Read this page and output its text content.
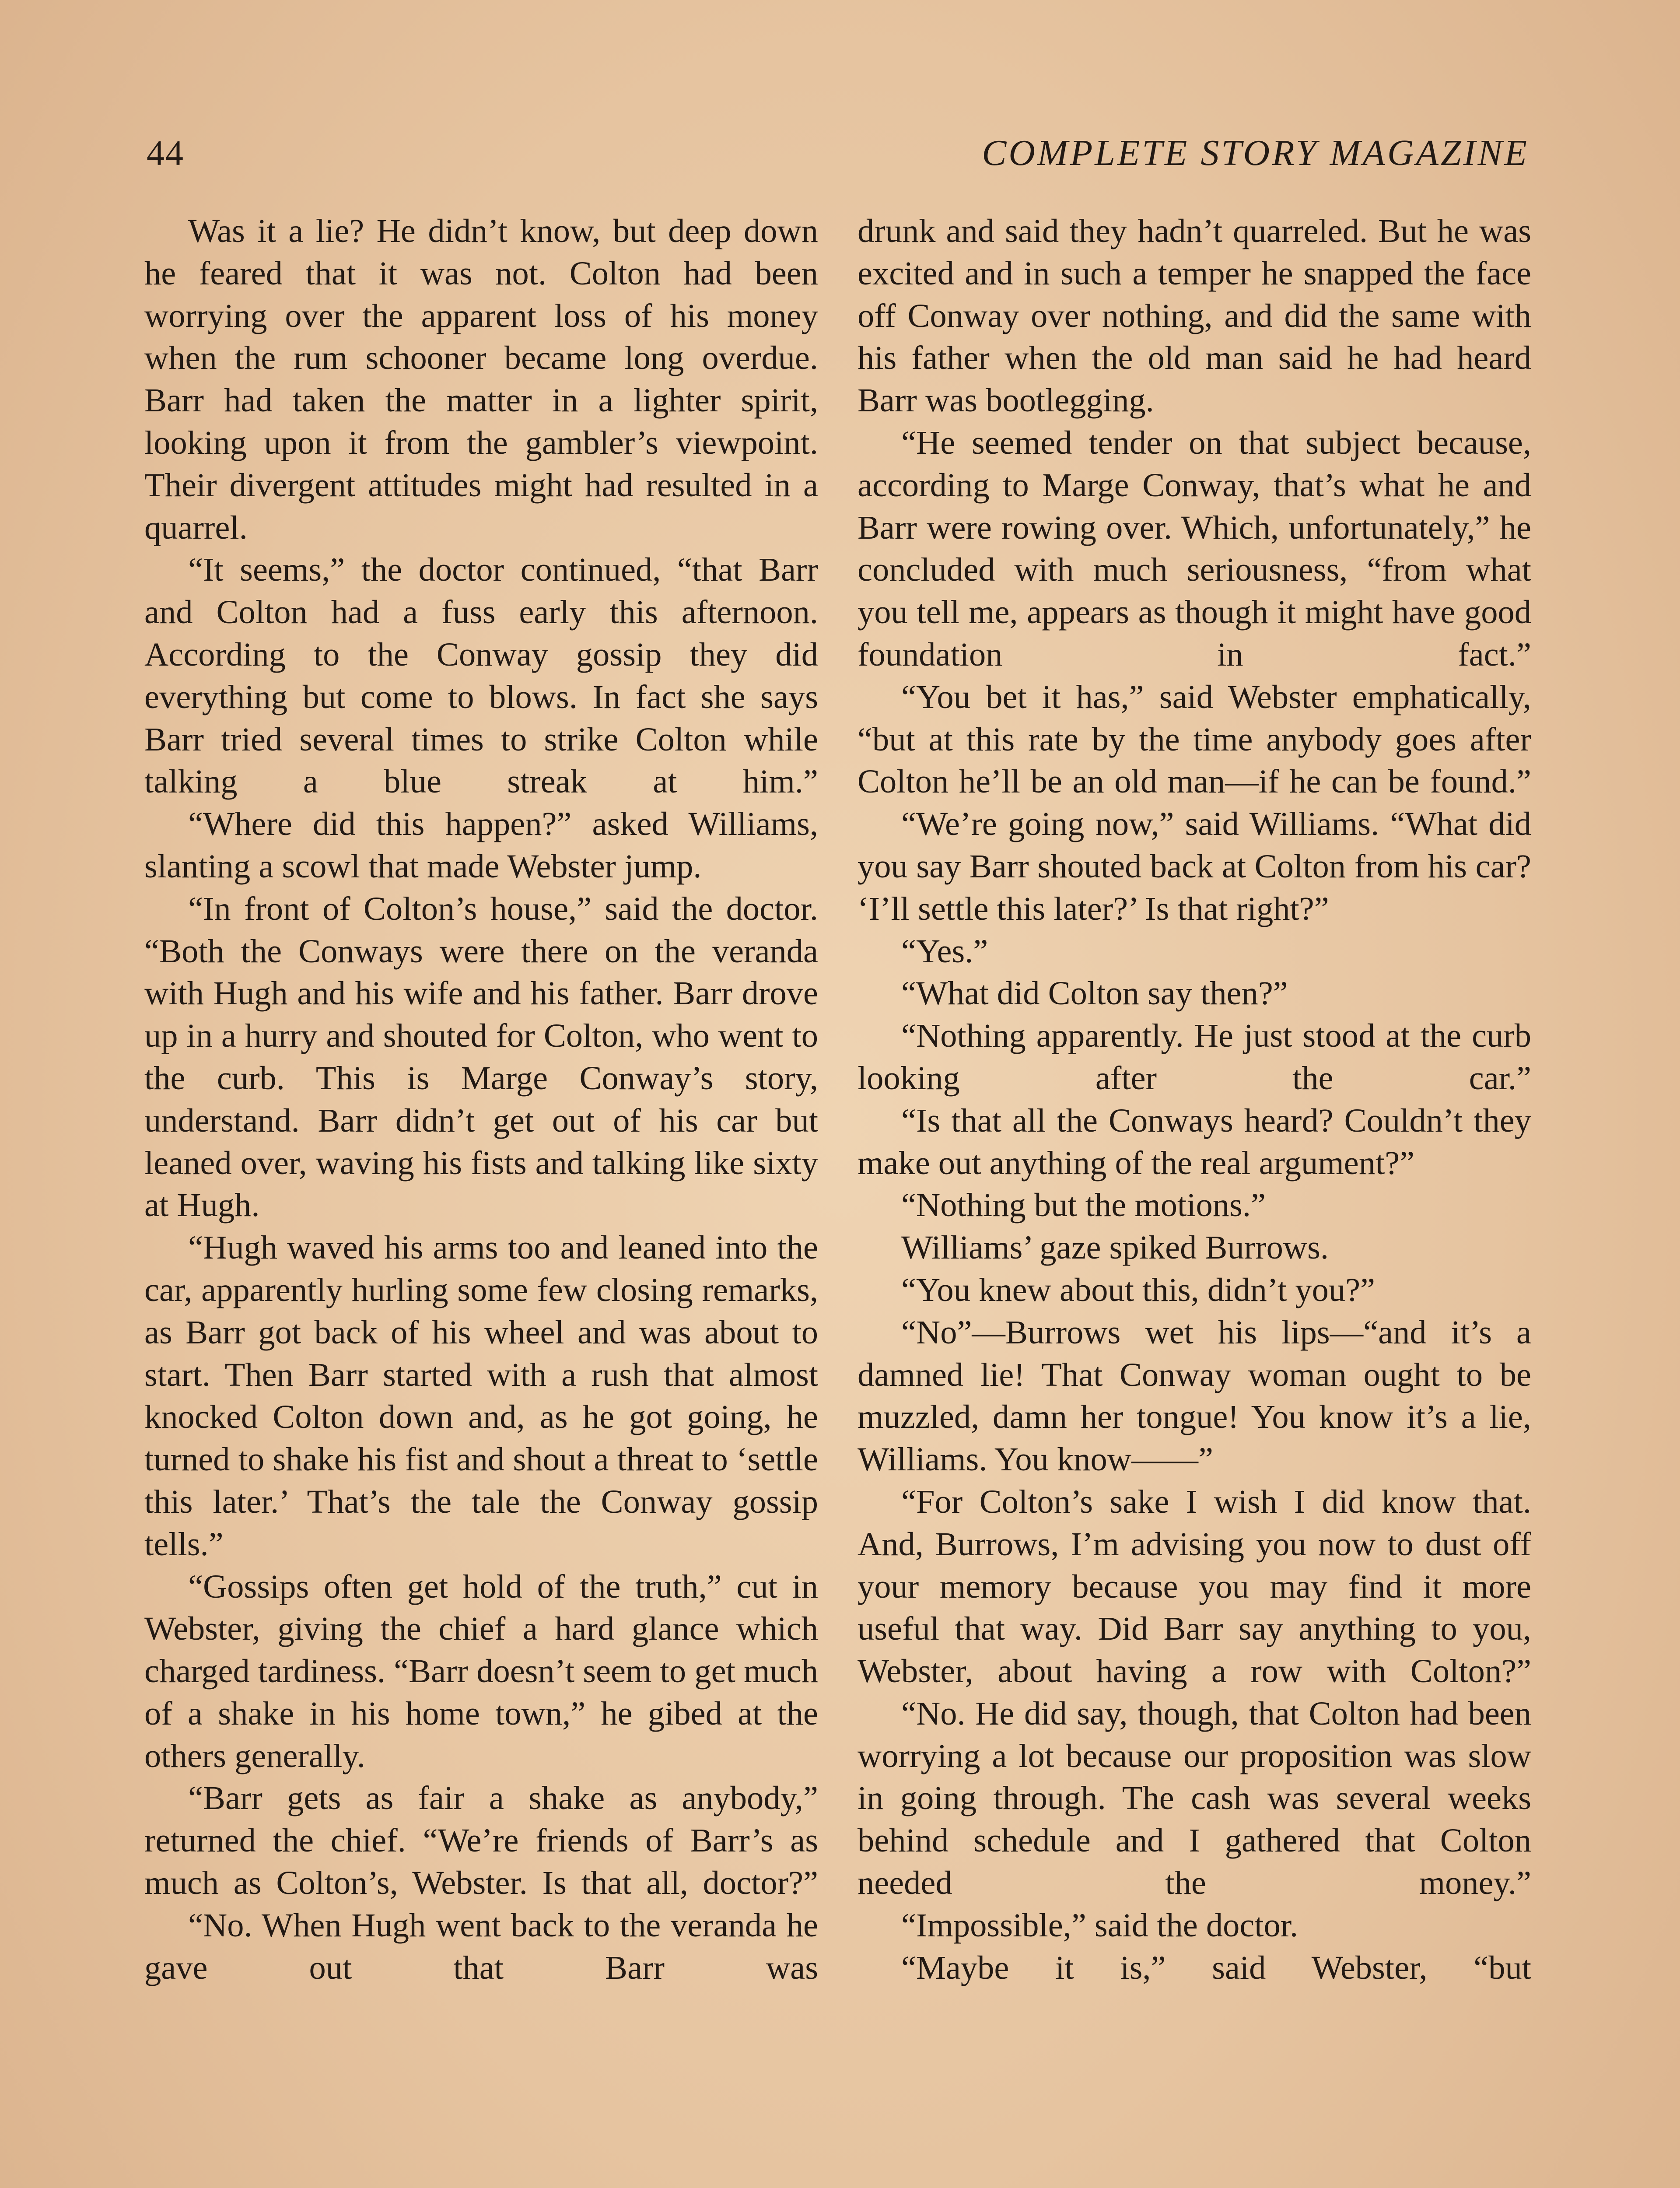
44	COMPLETE STORY MAGAZINE

Was it a lie? He didn’t know, but deep down he feared that it was not. Colton had been worrying over the apparent loss of his money when the rum schooner became long overdue. Barr had taken the matter in a lighter spirit, looking upon it from the gambler’s viewpoint. Their divergent attitudes might had resulted in a quarrel.

“It seems,” the doctor continued, “that Barr and Colton had a fuss early this afternoon. According to the Conway gossip they did everything but come to blows. In fact she says Barr tried several times to strike Colton while talking a blue streak at him.”

“Where did this happen?” asked Williams, slanting a scowl that made Webster jump.

“In front of Colton’s house,” said the doctor. “Both the Conways were there on the veranda with Hugh and his wife and his father. Barr drove up in a hurry and shouted for Colton, who went to the curb. This is Marge Conway’s story, understand. Barr didn’t get out of his car but leaned over, waving his fists and talking like sixty at Hugh.

“Hugh waved his arms too and leaned into the car, apparently hurling some few closing remarks, as Barr got back of his wheel and was about to start. Then Barr started with a rush that almost knocked Colton down and, as he got going, he turned to shake his fist and shout a threat to ‘settle this later.’ That’s the tale the Conway gossip tells.”

“Gossips often get hold of the truth,” cut in Webster, giving the chief a hard glance which charged tardiness. “Barr doesn’t seem to get much of a shake in his home town,” he gibed at the others generally.

“Barr gets as fair a shake as anybody,” returned the chief. “We’re friends of Barr’s as much as Colton’s, Webster. Is that all, doctor?”

“No. When Hugh went back to the veranda he gave out that Barr was

drunk and said they hadn’t quarreled. But he was excited and in such a temper he snapped the face off Conway over nothing, and did the same with his father when the old man said he had heard Barr was bootlegging.

“He seemed tender on that subject because, according to Marge Conway, that’s what he and Barr were rowing over. Which, unfortunately,” he concluded with much seriousness, “from what you tell me, appears as though it might have good foundation in fact.”

“You bet it has,” said Webster emphatically, “but at this rate by the time anybody goes after Colton he’ll be an old man—if he can be found.”

“We’re going now,” said Williams. “What did you say Barr shouted back at Colton from his car? ‘I’ll settle this later?’ Is that right?”

“Yes.”

“What did Colton say then?”

“Nothing apparently. He just stood at the curb looking after the car.”

“Is that all the Conways heard? Couldn’t they make out anything of the real argument?”

“Nothing but the motions.”

Williams’ gaze spiked Burrows.

“You knew about this, didn’t you?”

“No”—Burrows wet his lips—“and it’s a damned lie! That Conway woman ought to be muzzled, damn her tongue! You know it’s a lie, Williams. You know——”

“For Colton’s sake I wish I did know that. And, Burrows, I’m advising you now to dust off your memory because you may find it more useful that way. Did Barr say anything to you, Webster, about having a row with Colton?”

“No. He did say, though, that Colton had been worrying a lot because our proposition was slow in going through. The cash was several weeks behind schedule and I gathered that Colton needed the money.”

“Impossible,” said the doctor.

“Maybe it is,” said Webster, “but
